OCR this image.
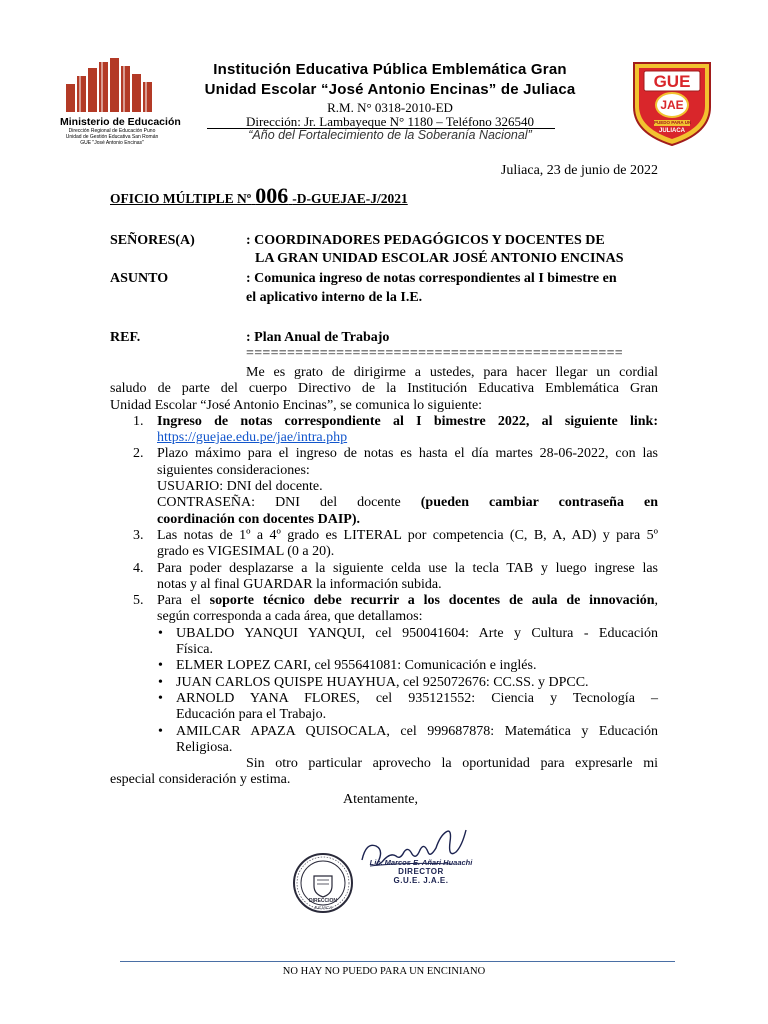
Ministerio de Educación
Dirección Regional de Educación Puno
Unidad de Gestión Educativa San Román
GUE "José Antonio Encinas"
Institución Educativa Pública Emblemática Gran
Unidad Escolar “José Antonio Encinas” de Juliaca
R.M. N° 0318-2010-ED
Dirección: Jr. Lambayeque N° 1180 – Teléfono 326540
“Año del Fortalecimiento de la Soberanía Nacional”
GUE
JAE
PUEDO PARA UN
JULIACA
Juliaca, 23 de junio de 2022
OFICIO MÚLTIPLE Nº 006 -D-GUEJAE-J/2021
SEÑORES(A)	: COORDINADORES PEDAGÓGICOS Y DOCENTES DE
LA GRAN UNIDAD ESCOLAR JOSÉ ANTONIO ENCINAS
ASUNTO	: Comunica ingreso de notas correspondientes al I bimestre en
el aplicativo interno de la I.E.
REF.	: Plan Anual de Trabajo
==============================================
Me es grato de dirigirme a ustedes, para hacer llegar un cordial
saludo de parte del cuerpo Directivo de la Institución Educativa Emblemática Gran
Unidad Escolar “José Antonio Encinas”, se comunica lo siguiente:
1. Ingreso de notas correspondiente al I bimestre 2022, al siguiente link:
https://guejae.edu.pe/jae/intra.php
2. Plazo máximo para el ingreso de notas es hasta el día martes 28-06-2022, con las
siguientes consideraciones:
USUARIO: DNI del docente.
CONTRASEÑA: DNI del docente (pueden cambiar contraseña en
coordinación con docentes DAIP).
3. Las notas de 1º a 4º grado es LITERAL por competencia (C, B, A, AD) y para 5º
grado es VIGESIMAL (0 a 20).
4. Para poder desplazarse a la siguiente celda use la tecla TAB y luego ingrese las
notas y al final GUARDAR la información subida.
5. Para el soporte técnico debe recurrir a los docentes de aula de innovación,
según corresponda a cada área, que detallamos:
• UBALDO YANQUI YANQUI, cel 950041604: Arte y Cultura - Educación
Física.
• ELMER LOPEZ CARI, cel 955641081: Comunicación e inglés.
• JUAN CARLOS QUISPE HUAYHUA, cel 925072676: CC.SS. y DPCC.
• ARNOLD YANA FLORES, cel 935121552: Ciencia y Tecnología –
Educación para el Trabajo.
• AMILCAR APAZA QUISOCALA, cel 999687878: Matemática y Educación
Religiosa.
Sin otro particular aprovecho la oportunidad para expresarle mi
especial consideración y estima.
Atentamente,
DIRECCION
JULIACA
Lic. Marcos E. Añari Huaachi
DIRECTOR
G.U.E. J.A.E.
NO HAY NO PUEDO PARA UN ENCINIANO
